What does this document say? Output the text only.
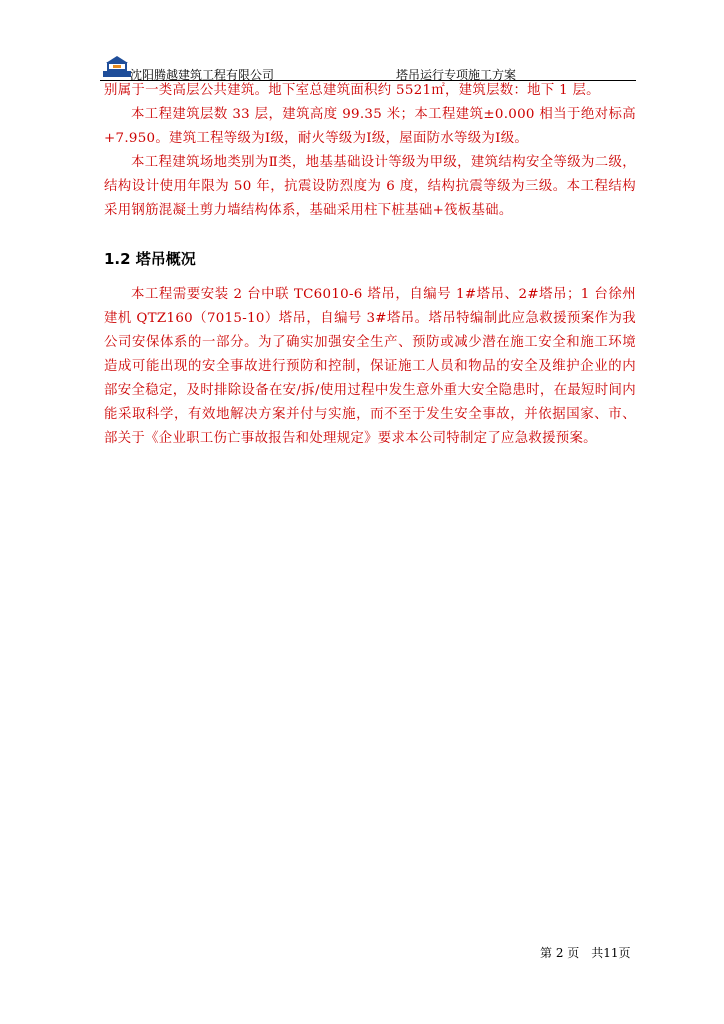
沈阳腾越建筑工程有限公司	塔吊运行专项施工方案

别属于一类高层公共建筑。地下室总建筑面积约 5521㎡，建筑层数：地下 1 层。

本工程建筑层数 33 层，建筑高度 99.35 米；本工程建筑±0.000 相当于绝对标高+7.950。建筑工程等级为Ⅰ级，耐火等级为Ⅰ级，屋面防水等级为Ⅰ级。

本工程建筑场地类别为Ⅱ类，地基基础设计等级为甲级，建筑结构安全等级为二级，结构设计使用年限为 50 年，抗震设防烈度为 6 度，结构抗震等级为三级。本工程结构采用钢筋混凝土剪力墙结构体系，基础采用柱下桩基础+筏板基础。

1.2 塔吊概况

本工程需要安装 2 台中联 TC6010-6 塔吊，自编号 1#塔吊、2#塔吊；1 台徐州建机 QTZ160（7015-10）塔吊，自编号 3#塔吊。塔吊特编制此应急救援预案作为我公司安保体系的一部分。为了确实加强安全生产、预防或减少潜在施工安全和施工环境造成可能出现的安全事故进行预防和控制，保证施工人员和物品的安全及维护企业的内部安全稳定，及时排除设备在安/拆/使用过程中发生意外重大安全隐患时，在最短时间内能采取科学，有效地解决方案并付与实施，而不至于发生安全事故，并依据国家、市、部关于《企业职工伤亡事故报告和处理规定》要求本公司特制定了应急救援预案。

第 2 页　共11页
